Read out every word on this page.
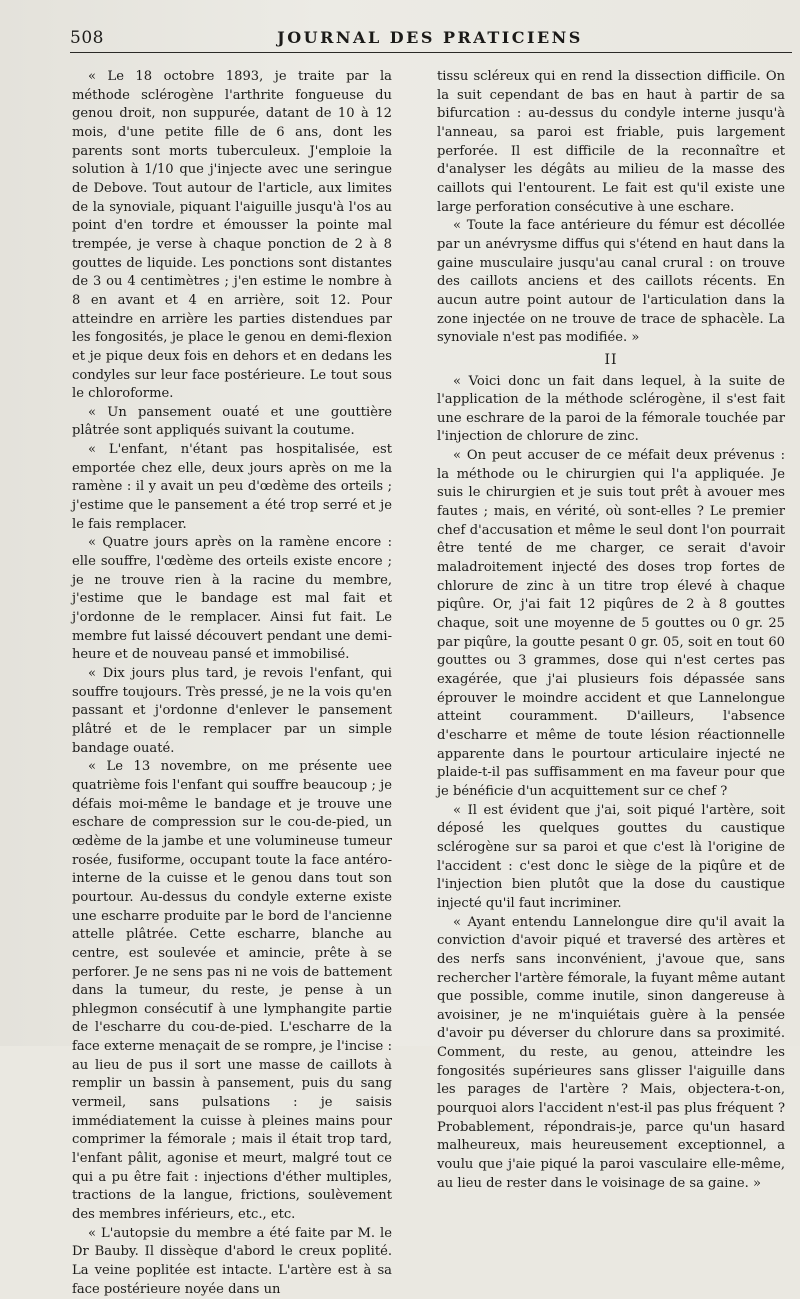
508	JOURNAL DES PRATICIENS

« Le 18 octobre 1893, je traite par la méthode sclérogène l'arthrite fongueuse du genou droit, non suppurée, datant de 10 à 12 mois, d'une petite fille de 6 ans, dont les parents sont morts tuberculeux. J'emploie la solution à 1/10 que j'injecte avec une seringue de Debove. Tout autour de l'article, aux limites de la synoviale, piquant l'aiguille jusqu'à l'os au point d'en tordre et émousser la pointe mal trempée, je verse à chaque ponction de 2 à 8 gouttes de liquide. Les ponctions sont distantes de 3 ou 4 centimètres ; j'en estime le nombre à 8 en avant et 4 en arrière, soit 12. Pour atteindre en arrière les parties distendues par les fongosités, je place le genou en demi-flexion et je pique deux fois en dehors et en dedans les condyles sur leur face postérieure. Le tout sous le chloroforme.

« Un pansement ouaté et une gouttière plâtrée sont appliqués suivant la coutume.

« L'enfant, n'étant pas hospitalisée, est emportée chez elle, deux jours après on me la ramène : il y avait un peu d'œdème des orteils ; j'estime que le pansement a été trop serré et je le fais remplacer.

« Quatre jours après on la ramène encore : elle souffre, l'œdème des orteils existe encore ; je ne trouve rien à la racine du membre, j'estime que le bandage est mal fait et j'ordonne de le remplacer. Ainsi fut fait. Le membre fut laissé découvert pendant une demi-heure et de nouveau pansé et immobilisé.

« Dix jours plus tard, je revois l'enfant, qui souffre toujours. Très pressé, je ne la vois qu'en passant et j'ordonne d'enlever le pansement plâtré et de le remplacer par un simple bandage ouaté.

« Le 13 novembre, on me présente uee quatrième fois l'enfant qui souffre beaucoup ; je défais moi-même le bandage et je trouve une eschare de compression sur le cou-de-pied, un œdème de la jambe et une volumineuse tumeur rosée, fusiforme, occupant toute la face antéro-interne de la cuisse et le genou dans tout son pourtour. Au-dessus du condyle externe existe une escharre produite par le bord de l'ancienne attelle plâtrée. Cette escharre, blanche au centre, est soulevée et amincie, prête à se perforer. Je ne sens pas ni ne vois de battement dans la tumeur, du reste, je pense à un phlegmon consécutif à une lymphangite partie de l'escharre du cou-de-pied. L'escharre de la face externe menaçait de se rompre, je l'incise : au lieu de pus il sort une masse de caillots à remplir un bassin à pansement, puis du sang vermeil, sans pulsations : je saisis immédiatement la cuisse à pleines mains pour comprimer la fémorale ; mais il était trop tard, l'enfant pâlit, agonise et meurt, malgré tout ce qui a pu être fait : injections d'éther multiples, tractions de la langue, frictions, soulèvement des membres inférieurs, etc., etc.

« L'autopsie du membre a été faite par M. le Dr Bauby. Il dissèque d'abord le creux poplité. La veine poplitée est intacte. L'artère est à sa face postérieure noyée dans un

tissu scléreux qui en rend la dissection difficile. On la suit cependant de bas en haut à partir de sa bifurcation : au-dessus du condyle interne jusqu'à l'anneau, sa paroi est friable, puis largement perforée. Il est difficile de la reconnaître et d'analyser les dégâts au milieu de la masse des caillots qui l'entourent. Le fait est qu'il existe une large perforation consécutive à une eschare.

« Toute la face antérieure du fémur est décollée par un anévrysme diffus qui s'étend en haut dans la gaine musculaire jusqu'au canal crural : on trouve des caillots anciens et des caillots récents. En aucun autre point autour de l'articulation dans la zone injectée on ne trouve de trace de sphacèle. La synoviale n'est pas modifiée. »

II

« Voici donc un fait dans lequel, à la suite de l'application de la méthode sclérogène, il s'est fait une eschrare de la paroi de la fémorale touchée par l'injection de chlorure de zinc.

« On peut accuser de ce méfait deux prévenus : la méthode ou le chirurgien qui l'a appliquée. Je suis le chirurgien et je suis tout prêt à avouer mes fautes ; mais, en vérité, où sont-elles ? Le premier chef d'accusation et même le seul dont l'on pourrait être tenté de me charger, ce serait d'avoir maladroitement injecté des doses trop fortes de chlorure de zinc à un titre trop élevé à chaque piqûre. Or, j'ai fait 12 piqûres de 2 à 8 gouttes chaque, soit une moyenne de 5 gouttes ou 0 gr. 25 par piqûre, la goutte pesant 0 gr. 05, soit en tout 60 gouttes ou 3 grammes, dose qui n'est certes pas exagérée, que j'ai plusieurs fois dépassée sans éprouver le moindre accident et que Lannelongue atteint couramment. D'ailleurs, l'absence d'escharre et même de toute lésion réactionnelle apparente dans le pourtour articulaire injecté ne plaide-t-il pas suffisamment en ma faveur pour que je bénéficie d'un acquittement sur ce chef ?

« Il est évident que j'ai, soit piqué l'artère, soit déposé les quelques gouttes du caustique sclérogène sur sa paroi et que c'est là l'origine de l'accident : c'est donc le siège de la piqûre et de l'injection bien plutôt que la dose du caustique injecté qu'il faut incriminer.

« Ayant entendu Lannelongue dire qu'il avait la conviction d'avoir piqué et traversé des artères et des nerfs sans inconvénient, j'avoue que, sans rechercher l'artère fémorale, la fuyant même autant que possible, comme inutile, sinon dangereuse à avoisiner, je ne m'inquiétais guère à la pensée d'avoir pu déverser du chlorure dans sa proximité. Comment, du reste, au genou, atteindre les fongosités supérieures sans glisser l'aiguille dans les parages de l'artère ? Mais, objectera-t-on, pourquoi alors l'accident n'est-il pas plus fréquent ? Probablement, répondrais-je, parce qu'un hasard malheureux, mais heureusement exceptionnel, a voulu que j'aie piqué la paroi vasculaire elle-même, au lieu de rester dans le voisinage de sa gaine. »
